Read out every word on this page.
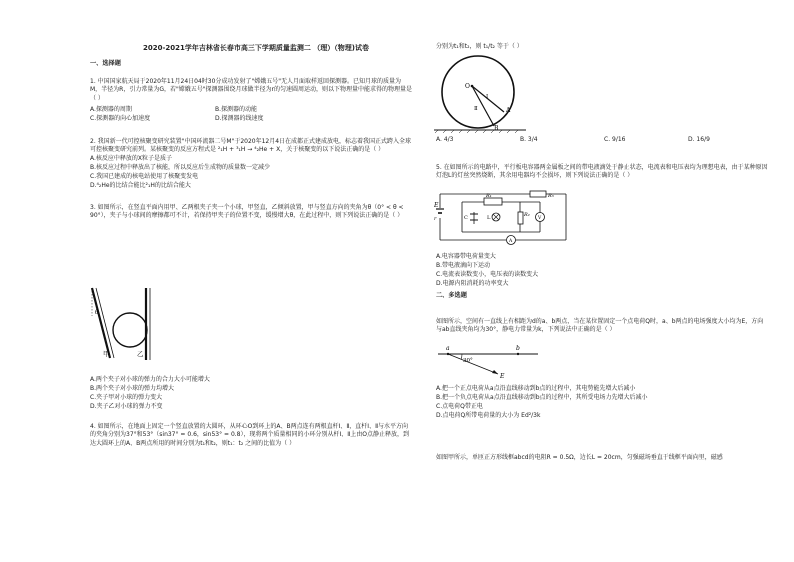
2020-2021学年吉林省长春市高三下学期质量监测二 （理）（物理)试卷
一、选择题
1. 中国国家航天局于2020年11月24日04时30分成功发射了"嫦娥五号"无人月面取样返回探测器。已知月球的质量为M，半径为R，引力常量为G，若"嫦娥五号"探测器围绕月球做半径为r的匀速圆周运动，则以下物理量中能求得的物理量是（ ）
A.探测器的周期
C.探测器的向心加速度
B.探测器的动能
D.探测器的线速度
2. 我国新一代可控核聚变研究装置"中国环流器二号M"于2020年12月4日在成都正式建成放电，标志着我国正式跨入全球可控核聚变研究前列。某核聚变的反应方程式是 ²₁H + ³₁H → ⁴₂He + X，关于核聚变的以下说法正确的是（ ）
A.核反应中释放的X粒子是质子
B.核反应过程中释放出了核能，所以反应后生成物的质量数一定减少
C.我国已建成的核电站使用了核聚变发电
D.⁴₂He的比结合能比²₁H的比结合能大
3. 如图所示，在竖直平面内用甲、乙两根夹子夹一个小球，甲竖直，乙倾斜放置，甲与竖直方向的夹角为θ（0° < θ < 90°），夹子与小球间的摩擦都可不计，若保持甲夹子的位置不变，缓慢增大θ，在此过程中，则下列说法正确的是（ ）
θ
甲	乙
A.两个夹子对小球的弹力的合力大小可能增大
B.两个夹子对小球的弹力均增大
C.夹子甲对小球的弹力变大
D.夹子乙对小球的弹力不变
4. 如图所示，在地面上固定一个竖直放置的大圆环，从环心O到环上的A、B两点连有两根直杆Ⅰ、Ⅱ，直杆Ⅰ、Ⅱ与水平方向的夹角分别为37°和53°（sin37° = 0.6，sin53° = 0.8），现将两个质量相同的小环分别从杆Ⅰ、Ⅱ上由O点静止释放，到达大圆环上的A、B两点所用的时间分别为t₁和t₂，则t₁：t₂ 之间的比值为（ ）
分别为t₁和t₂，则 t₁/t₂ 等于（ ）
O
A
B
Ⅰ
Ⅱ
A. 4/3	B. 3/4	C. 9/16	D. 16/9
5. 在如图所示的电路中，平行板电容器两金属板之间的带电液滴处于静止状态，电流表和电压表均为理想电表，由于某种原因灯泡L的灯丝突然烧断，其余用电器均不会损坏，则下列说法正确的是（ ）
E
r
R₁
R₂
R₃
L
C	V
A
A.电容器带电荷量变大
B.带电液滴向下运动
C.电流表读数变小，电压表的读数变大
D.电源内阻消耗的功率变大
二、多选题
如图所示，空间有一直线上有相距为d的a、b两点，当在某位置固定一个点电荷Q时，a、b两点的电场强度大小均为E，方向与ab直线夹角均为30°，静电力常量为k，下列说法中正确的是（ ）
a	b
30°
E
A.把一个正点电荷从a点沿直线移动到b点的过程中，其电势能先增大后减小
B.把一个负点电荷从a点沿直线移动到b点的过程中，其所受电场力先增大后减小
C.点电荷Q带正电
D.点电荷Q所带电荷量的大小为 Ed²/3k
如图甲所示，单匝正方形线框abcd的电阻R = 0.5Ω，边长L = 20cm，匀强磁场垂直于线框平面向里，磁感
